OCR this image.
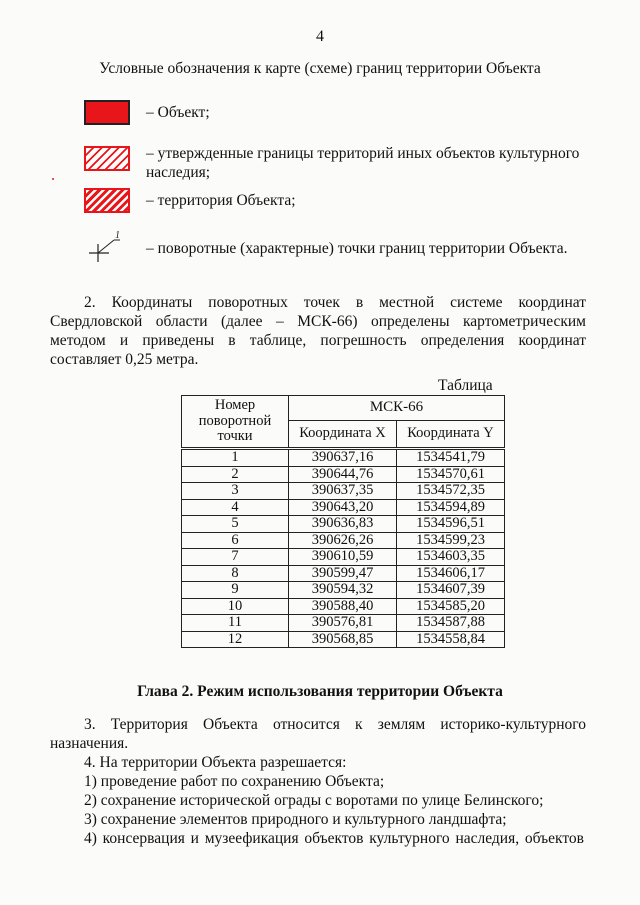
4
Условные обозначения к карте (схеме) границ территории Объекта
– Объект;
– утвержденные границы территорий иных объектов культурного наследия;
– территория Объекта;
1
– поворотные (характерные) точки границ территории Объекта.
2. Координаты поворотных точек в местной системе координат Свердловской области (далее – МСК-66) определены картометрическим методом и приведены в таблице, погрешность определения координат составляет 0,25 метра.
Таблица
Номер поворотной точки	МСК-66	
	Координата X	Координата Y
1	390637,16	1534541,79
2	390644,76	1534570,61
3	390637,35	1534572,35
4	390643,20	1534594,89
5	390636,83	1534596,51
6	390626,26	1534599,23
7	390610,59	1534603,35
8	390599,47	1534606,17
9	390594,32	1534607,39
10	390588,40	1534585,20
11	390576,81	1534587,88
12	390568,85	1534558,84
Глава 2. Режим использования территории Объекта
3. Территория Объекта относится к землям историко-культурного назначения.
4. На территории Объекта разрешается:
1) проведение работ по сохранению Объекта;
2) сохранение исторической ограды с воротами по улице Белинского;
3) сохранение элементов природного и культурного ландшафта;
4) консервация и музеефикация объектов культурного наследия, объектов
